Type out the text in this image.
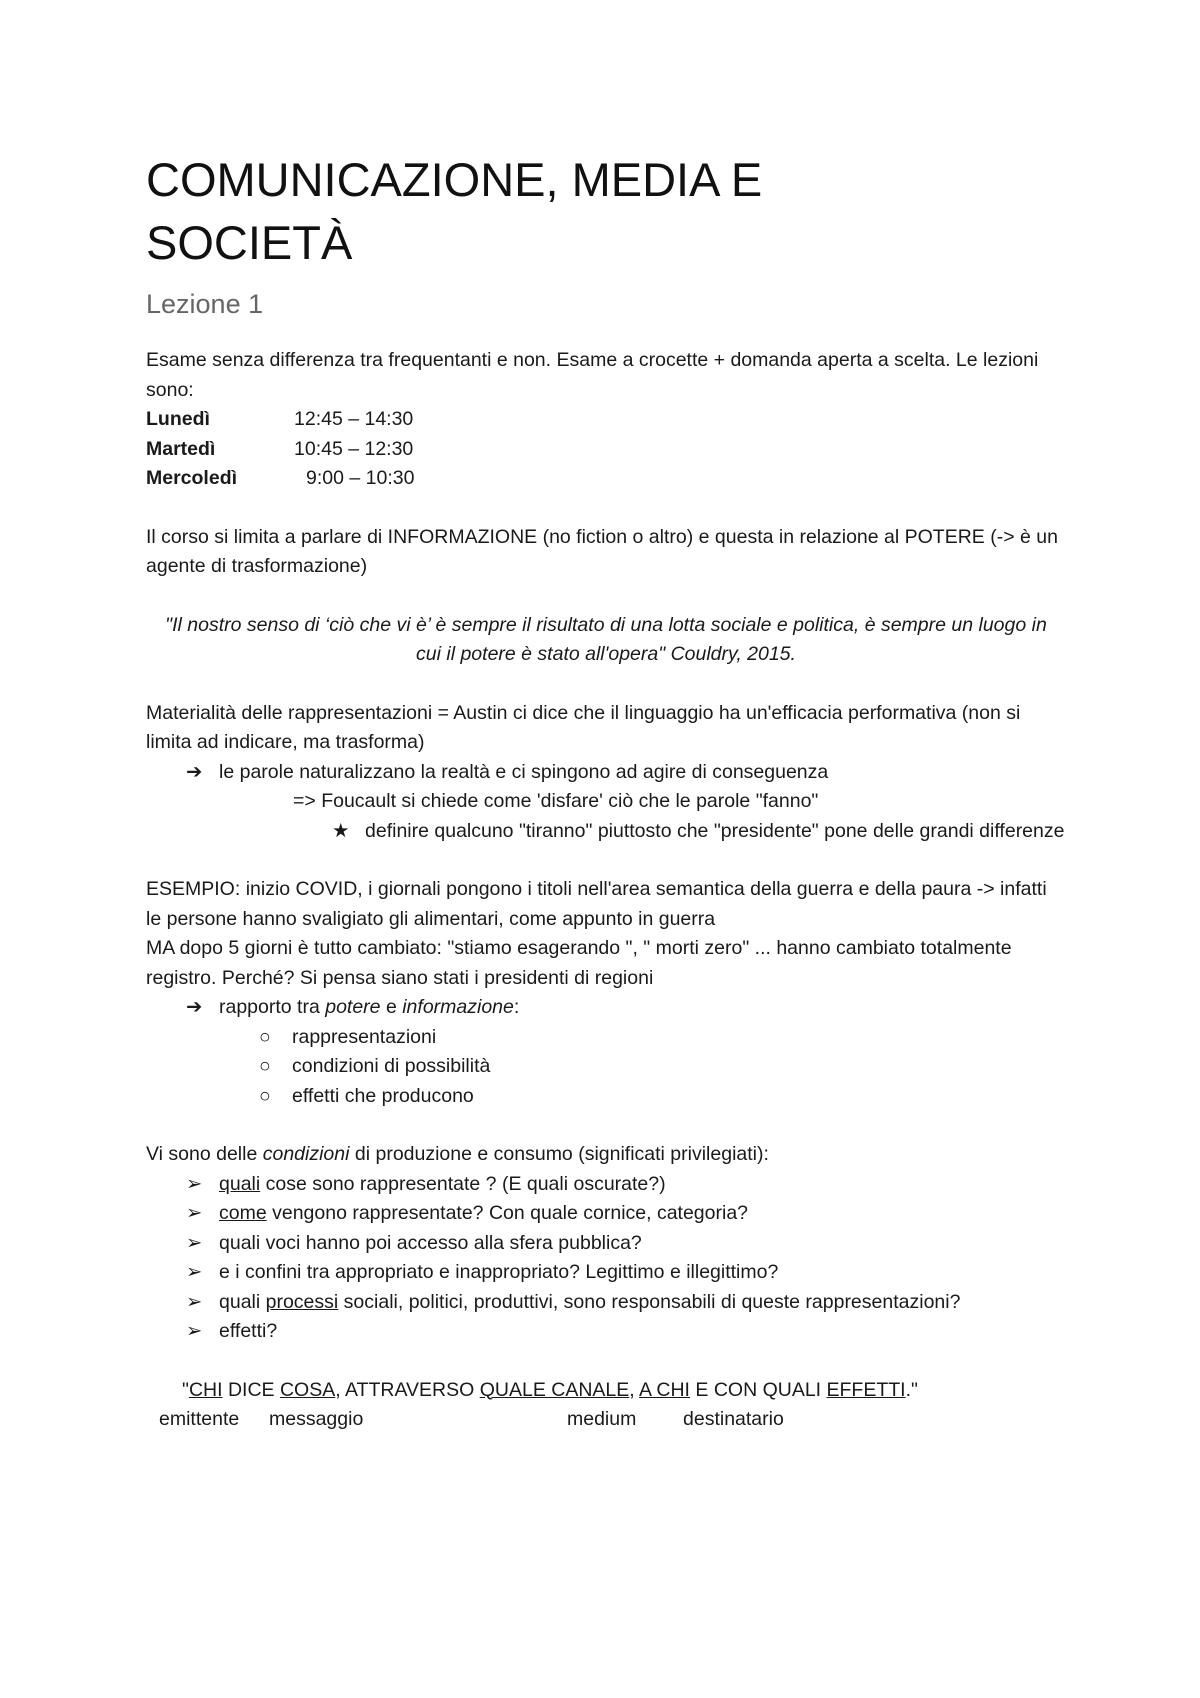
COMUNICAZIONE, MEDIA E
SOCIETÀ
Lezione 1

Esame senza differenza tra frequentanti e non. Esame a crocette + domanda aperta a scelta. Le lezioni sono:

Lunedì	12:45 – 14:30
Martedì	10:45 – 12:30
Mercoledì	9:00 – 10:30

Il corso si limita a parlare di INFORMAZIONE (no fiction o altro) e questa in relazione al POTERE (-> è un agente di trasformazione)

"Il nostro senso di ‘ciò che vi è’ è sempre il risultato di una lotta sociale e politica, è sempre un luogo in cui il potere è stato all'opera" Couldry, 2015.

Materialità delle rappresentazioni = Austin ci dice che il linguaggio ha un'efficacia performativa (non si limita ad indicare, ma trasforma)

➔ le parole naturalizzano la realtà e ci spingono ad agire di conseguenza
=> Foucault si chiede come 'disfare' ciò che le parole "fanno"
★ definire qualcuno "tiranno" piuttosto che "presidente" pone delle grandi differenze

ESEMPIO: inizio COVID, i giornali pongono i titoli nell'area semantica della guerra e della paura -> infatti le persone hanno svaligiato gli alimentari, come appunto in guerra

MA dopo 5 giorni è tutto cambiato: "stiamo esagerando ", " morti zero" ... hanno cambiato totalmente registro. Perché? Si pensa siano stati i presidenti di regioni

➔ rapporto tra potere e informazione:
○ rappresentazioni
○ condizioni di possibilità
○ effetti che producono

Vi sono delle condizioni di produzione e consumo (significati privilegiati):

➢ quali cose sono rappresentate ? (E quali oscurate?)
➢ come vengono rappresentate? Con quale cornice, categoria?
➢ quali voci hanno poi accesso alla sfera pubblica?
➢ e i confini tra appropriato e inappropriato? Legittimo e illegittimo?
➢ quali processi sociali, politici, produttivi, sono responsabili di queste rappresentazioni?
➢ effetti?
"CHI DICE COSA, ATTRAVERSO QUALE CANALE, A CHI E CON QUALI EFFETTI."
emittente messaggio	medium destinatario
